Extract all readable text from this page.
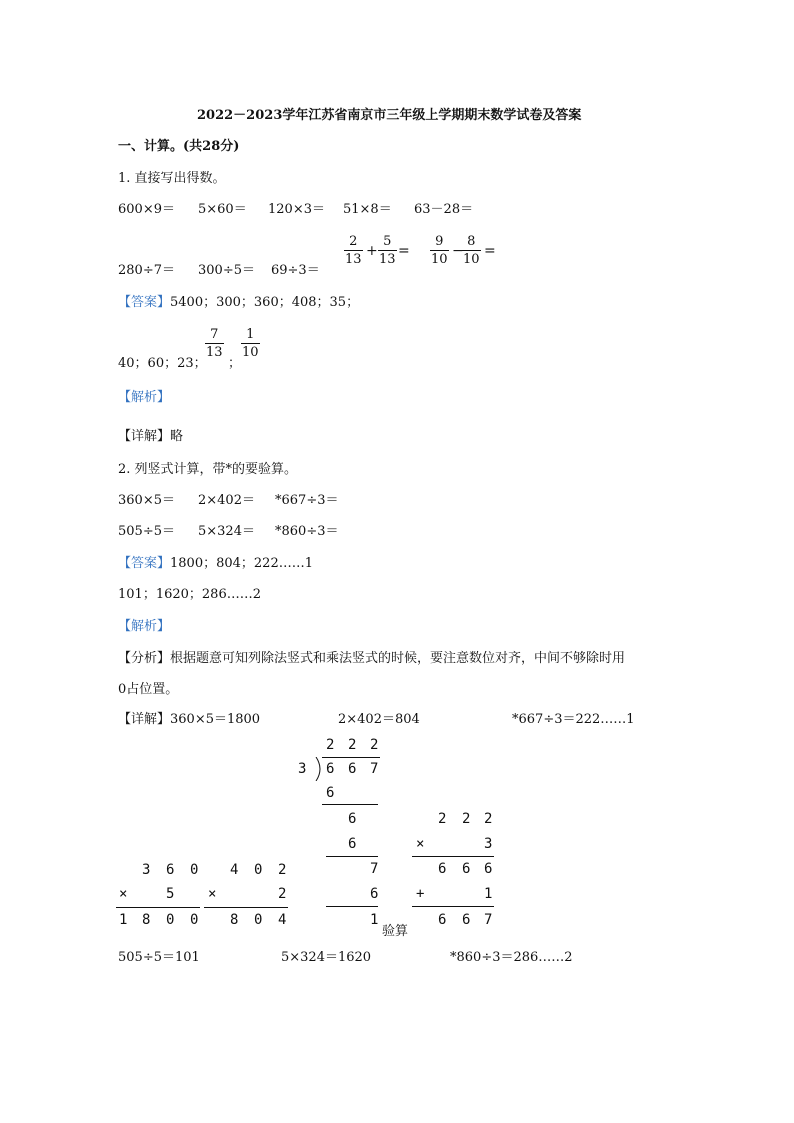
2022－2023学年江苏省南京市三年级上学期期末数学试卷及答案
一、计算。(共28分)
1. 直接写出得数。
600×9＝ 5×60＝ 120×3＝ 51×8＝ 63－28＝
280÷7＝ 300÷5＝ 69÷3＝
2
13
+
5
13
=
9
10
−
8
10
=
【答案】5400；300；360；408；35；
40；60；23；
7
13
；
1
10
【解析】
【详解】略
2. 列竖式计算，带*的要验算。
360×5＝ 2×402＝ *667÷3＝
505÷5＝ 5×324＝ *860÷3＝
【答案】1800；804；222……1
101；1620；286……2
【解析】
【分析】根据题意可知列除法竖式和乘法竖式的时候，要注意数位对齐，中间不够除时用
0占位置。
【详解】360×5＝1800	2×402＝804	*667÷3＝222……1
3 6 0
×	5
1 8 0 0
4 0 2
×	2
8 0 4
2 2 2
3 6 6 7
6
6
6
7
6
1
验算
2 2 2
×	3
6 6 6
+	1
6 6 7
505÷5＝101	5×324＝1620	*860÷3＝286……2
